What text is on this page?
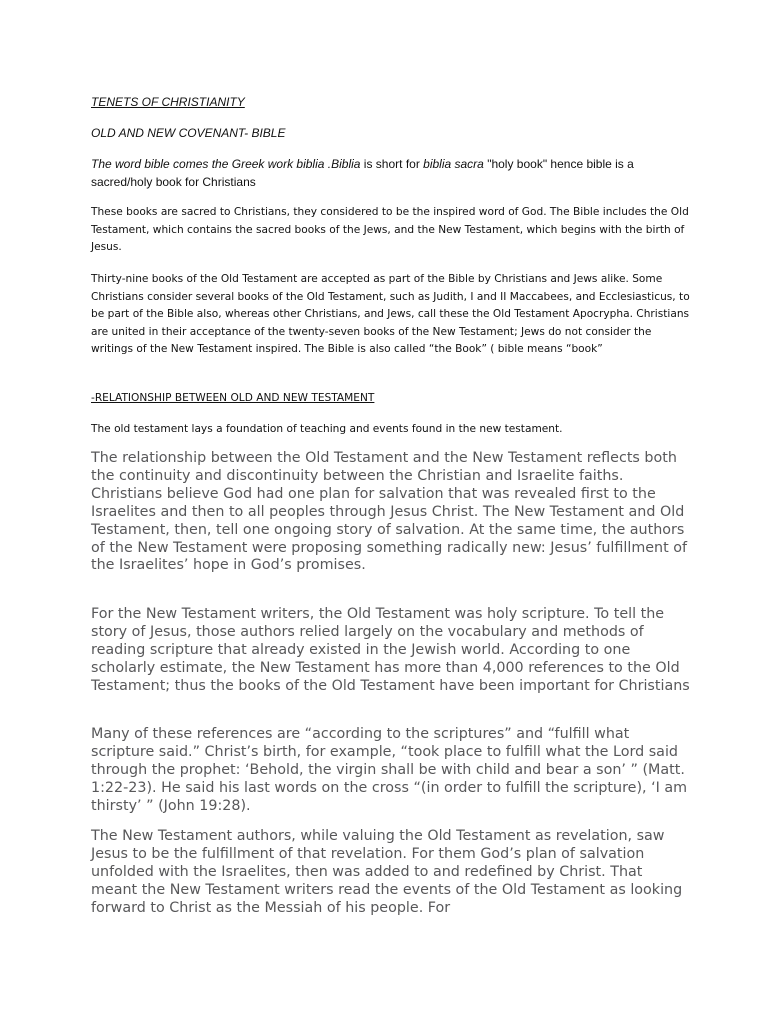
TENETS OF CHRISTIANITY

OLD AND NEW COVENANT- BIBLE

The word bible comes the Greek work biblia .Biblia is short for biblia sacra "holy book" hence bible is a sacred/holy book for Christians

These books are sacred to Christians, they considered to be the inspired word of God. The Bible includes the Old Testament, which contains the sacred books of the Jews, and the New Testament, which begins with the birth of Jesus.

Thirty-nine books of the Old Testament are accepted as part of the Bible by Christians and Jews alike. Some Christians consider several books of the Old Testament, such as Judith, I and II Maccabees, and Ecclesiasticus, to be part of the Bible also, whereas other Christians, and Jews, call these the Old Testament Apocrypha. Christians are united in their acceptance of the twenty-seven books of the New Testament; Jews do not consider the writings of the New Testament inspired. The Bible is also called “the Book” ( bible means “book”

-RELATIONSHIP BETWEEN OLD AND NEW TESTAMENT

The old testament lays a foundation of teaching and events found in the new testament.

The relationship between the Old Testament and the New Testament reflects both the continuity and discontinuity between the Christian and Israelite faiths. Christians believe God had one plan for salvation that was revealed first to the Israelites and then to all peoples through Jesus Christ. The New Testament and Old Testament, then, tell one ongoing story of salvation. At the same time, the authors of the New Testament were proposing something radically new: Jesus’ fulfillment of the Israelites’ hope in God’s promises.

For the New Testament writers, the Old Testament was holy scripture. To tell the story of Jesus, those authors relied largely on the vocabulary and methods of reading scripture that already existed in the Jewish world. According to one scholarly estimate, the New Testament has more than 4,000 references to the Old Testament; thus the books of the Old Testament have been important for Christians

Many of these references are “according to the scriptures” and “fulfill what scripture said.” Christ’s birth, for example, “took place to fulfill what the Lord said through the prophet: ‘Behold, the virgin shall be with child and bear a son’ ” (Matt. 1:22-23). He said his last words on the cross “(in order to fulfill the scripture), ‘I am thirsty’ ” (John 19:28).

The New Testament authors, while valuing the Old Testament as revelation, saw Jesus to be the fulfillment of that revelation. For them God’s plan of salvation unfolded with the Israelites, then was added to and redefined by Christ. That meant the New Testament writers read the events of the Old Testament as looking forward to Christ as the Messiah of his people. For
